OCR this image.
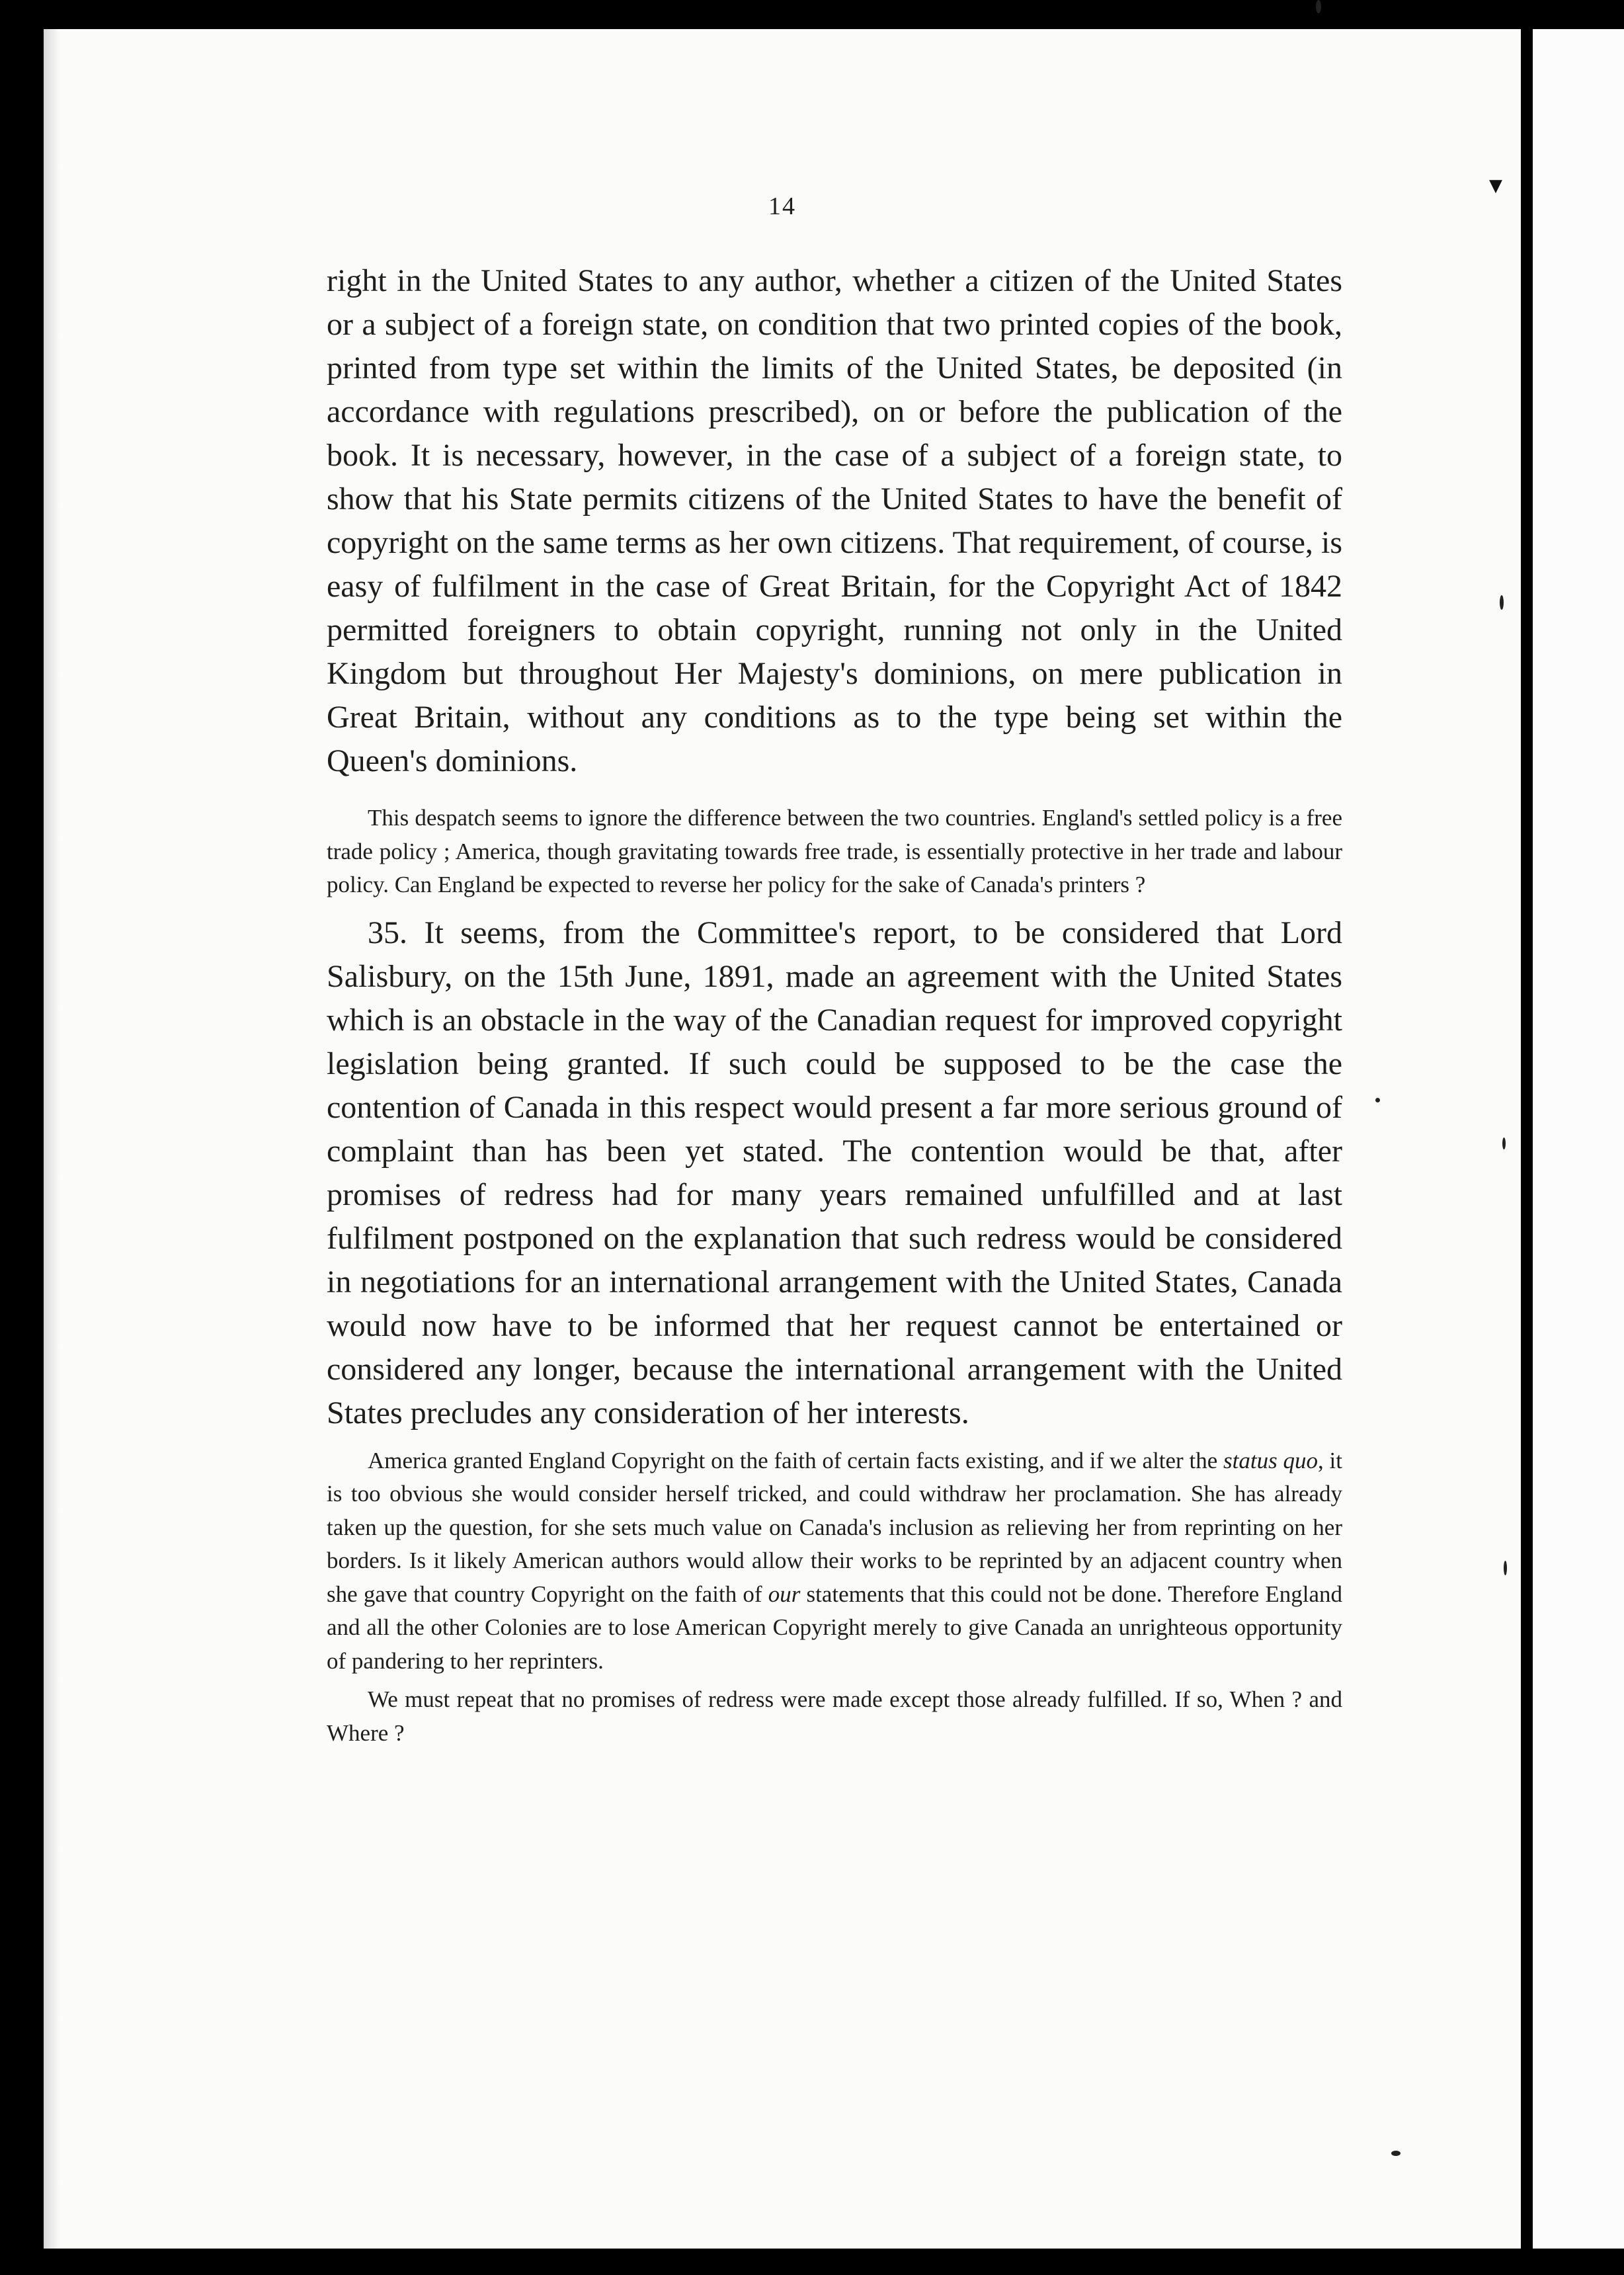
14

right in the United States to any author, whether a citizen of the United States or a subject of a foreign state, on condition that two printed copies of the book, printed from type set within the limits of the United States, be deposited (in accordance with regulations prescribed), on or before the publication of the book. It is necessary, however, in the case of a subject of a foreign state, to show that his State permits citizens of the United States to have the benefit of copyright on the same terms as her own citizens. That requirement, of course, is easy of fulfilment in the case of Great Britain, for the Copyright Act of 1842 permitted foreigners to obtain copyright, running not only in the United Kingdom but throughout Her Majesty's dominions, on mere publication in Great Britain, without any conditions as to the type being set within the Queen's dominions.

This despatch seems to ignore the difference between the two countries. England's settled policy is a free trade policy ; America, though gravitating towards free trade, is essentially protective in her trade and labour policy. Can England be expected to reverse her policy for the sake of Canada's printers ?

35. It seems, from the Committee's report, to be considered that Lord Salisbury, on the 15th June, 1891, made an agreement with the United States which is an obstacle in the way of the Canadian request for improved copyright legislation being granted. If such could be supposed to be the case the contention of Canada in this respect would present a far more serious ground of complaint than has been yet stated. The contention would be that, after promises of redress had for many years remained unfulfilled and at last fulfilment postponed on the explanation that such redress would be considered in negotiations for an international arrangement with the United States, Canada would now have to be informed that her request cannot be entertained or considered any longer, because the international arrangement with the United States precludes any consideration of her interests.

America granted England Copyright on the faith of certain facts existing, and if we alter the status quo, it is too obvious she would consider herself tricked, and could withdraw her proclamation. She has already taken up the question, for she sets much value on Canada's inclusion as relieving her from reprinting on her borders. Is it likely American authors would allow their works to be reprinted by an adjacent country when she gave that country Copyright on the faith of our statements that this could not be done. Therefore England and all the other Colonies are to lose American Copyright merely to give Canada an unrighteous opportunity of pandering to her reprinters.

We must repeat that no promises of redress were made except those already fulfilled. If so, When ? and Where ?

▼
